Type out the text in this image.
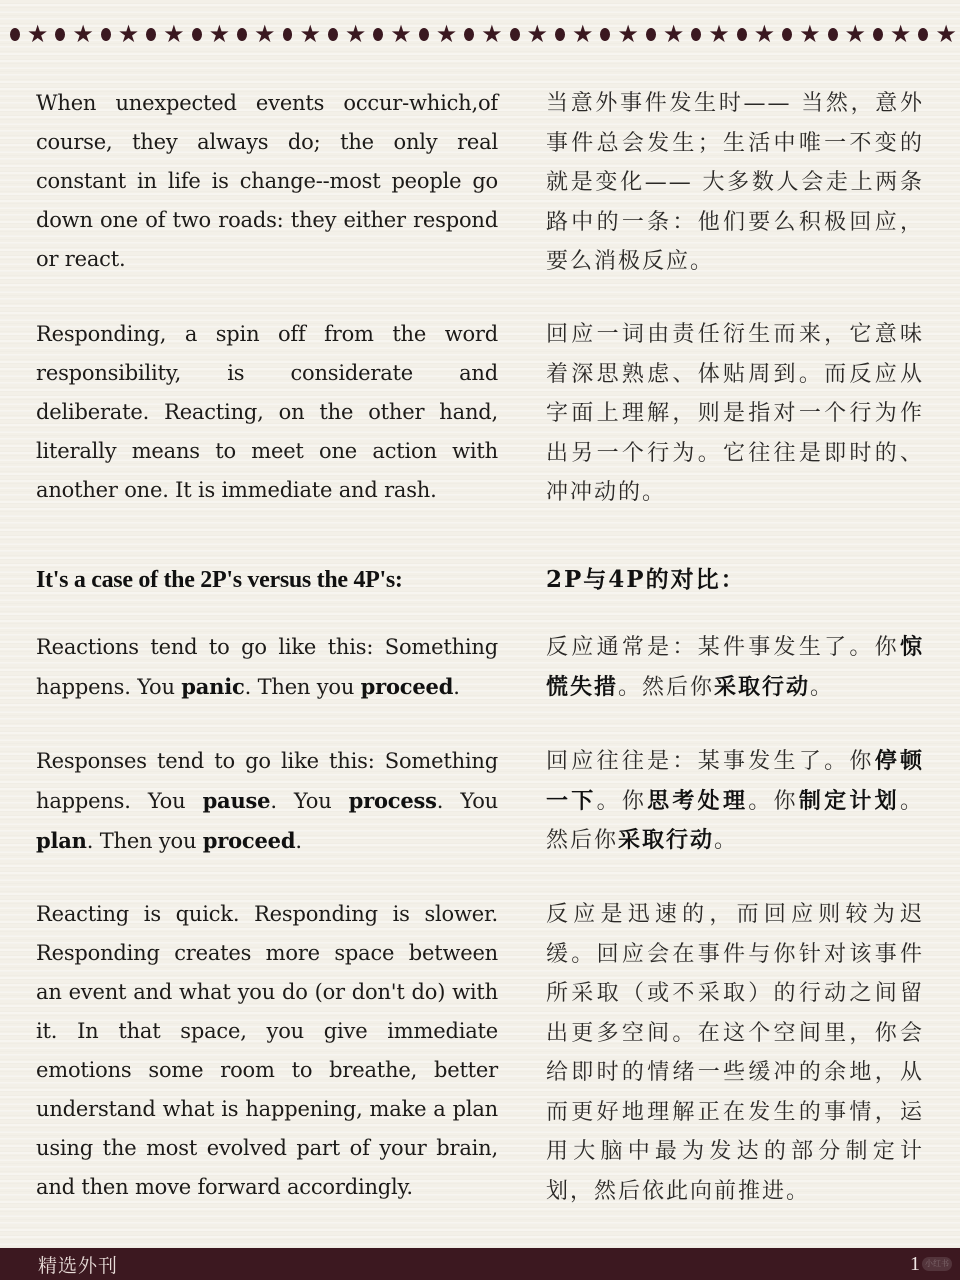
★ ★ ★ ★ ★ ★ ★ ★ ★ ★ ★ ★ ★ ★ ★ ★ ★ ★ ★ ★ ★

When unexpected events occur-which,of course, they always do; the only real constant in life is change--most people go down one of two roads: they either respond or react.

当意外事件发生时—— 当然，意外事件总会发生；生活中唯一不变的就是变化—— 大多数人会走上两条路中的一条：他们要么积极回应，要么消极反应。

Responding, a spin off from the word responsibility, is considerate and deliberate. Reacting, on the other hand, literally means to meet one action with another one. It is immediate and rash.

回应一词由责任衍生而来，它意味着深思熟虑、体贴周到。而反应从字面上理解，则是指对一个行为作出另一个行为。它往往是即时的、冲冲动的。

It's a case of the 2P's versus the 4P's:	2P与4P的对比：

Reactions tend to go like this: Something happens. You panic. Then you proceed.

反应通常是：某件事发生了。你惊慌失措。然后你采取行动。

Responses tend to go like this: Something happens. You pause. You process. You plan. Then you proceed.

回应往往是：某事发生了。你停顿一下。你思考处理。你制定计划。然后你采取行动。

Reacting is quick. Responding is slower. Responding creates more space between an event and what you do (or don't do) with it. In that space, you give immediate emotions some room to breathe, better understand what is happening, make a plan using the most evolved part of your brain, and then move forward accordingly.

反应是迅速的，而回应则较为迟缓。回应会在事件与你针对该事件所采取（或不采取）的行动之间留出更多空间。在这个空间里，你会给即时的情绪一些缓冲的余地，从而更好地理解正在发生的事情，运用大脑中最为发达的部分制定计划，然后依此向前推进。

精选外刊	1 小红书
